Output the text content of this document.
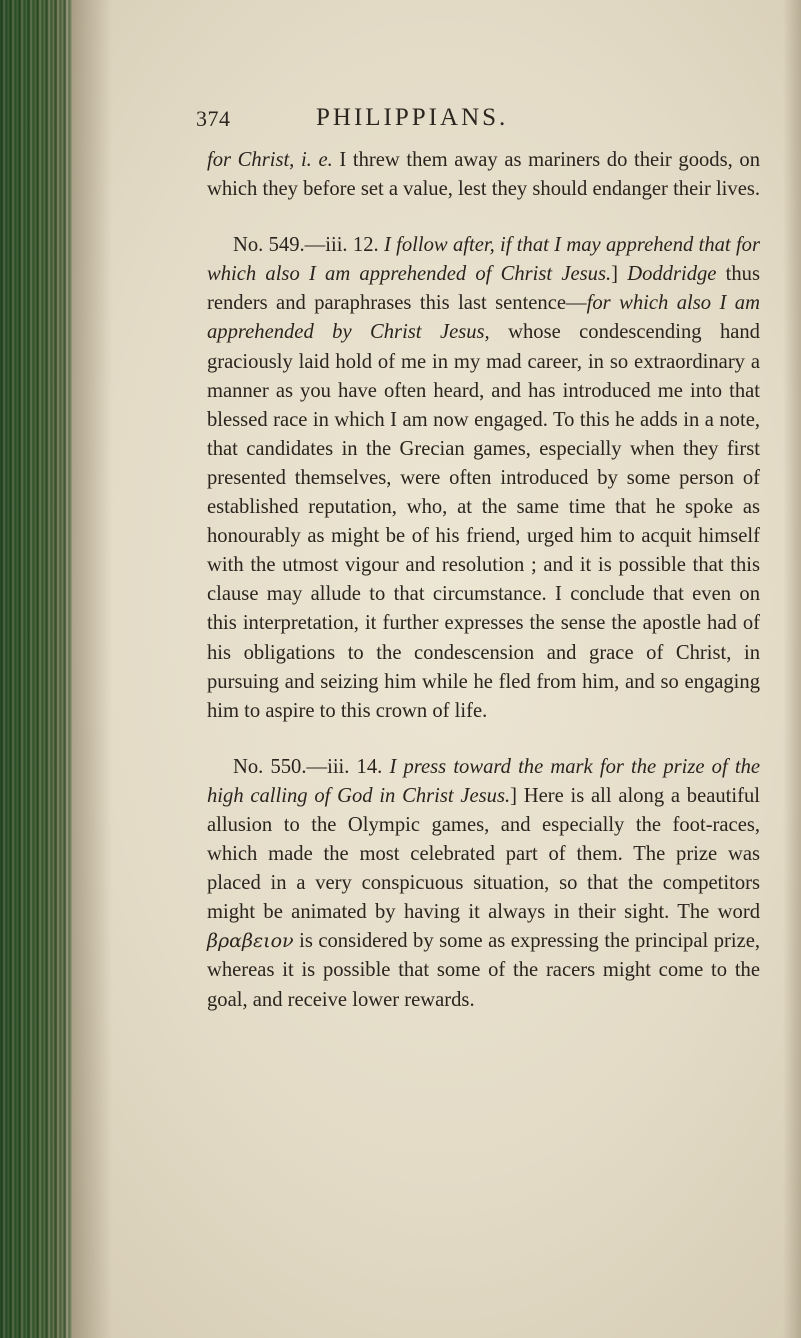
374	PHILIPPIANS.

for Christ, i. e. I threw them away as mariners do their goods, on which they before set a value, lest they should endanger their lives.

No. 549.—iii. 12. I follow after, if that I may apprehend that for which also I am apprehended of Christ Jesus.] Doddridge thus renders and paraphrases this last sentence—for which also I am apprehended by Christ Jesus, whose condescending hand graciously laid hold of me in my mad career, in so extraordinary a manner as you have often heard, and has introduced me into that blessed race in which I am now engaged. To this he adds in a note, that candidates in the Grecian games, especially when they first presented themselves, were often introduced by some person of established reputation, who, at the same time that he spoke as honourably as might be of his friend, urged him to acquit himself with the utmost vigour and resolution ; and it is possible that this clause may allude to that circumstance. I conclude that even on this interpretation, it further expresses the sense the apostle had of his obligations to the condescension and grace of Christ, in pursuing and seizing him while he fled from him, and so engaging him to aspire to this crown of life.

No. 550.—iii. 14. I press toward the mark for the prize of the high calling of God in Christ Jesus.] Here is all along a beautiful allusion to the Olympic games, and especially the foot-races, which made the most celebrated part of them. The prize was placed in a very conspicuous situation, so that the competitors might be animated by having it always in their sight. The word βραβειον is considered by some as expressing the principal prize, whereas it is possible that some of the racers might come to the goal, and receive lower rewards.
